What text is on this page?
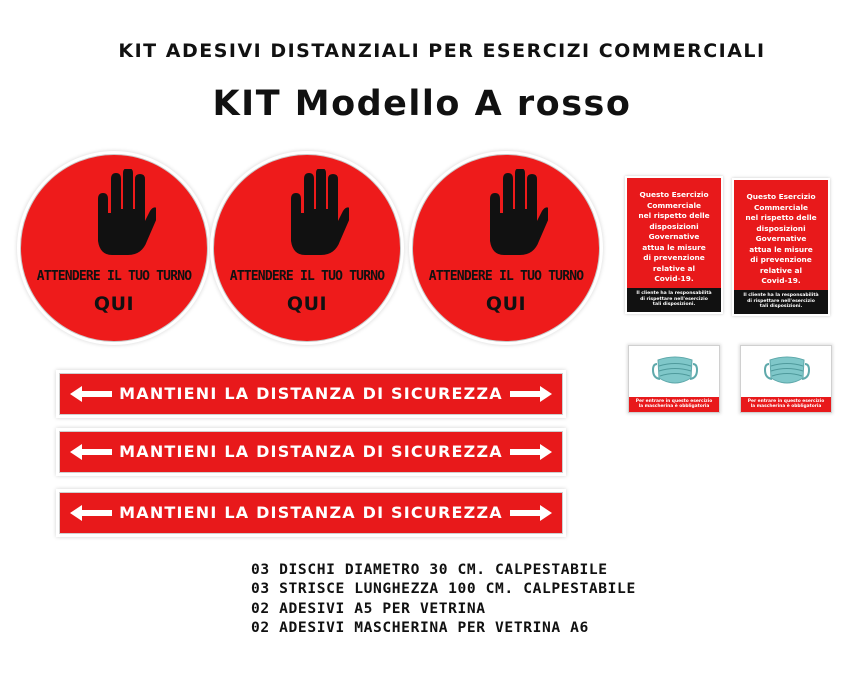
KIT ADESIVI DISTANZIALI PER ESERCIZI COMMERCIALI
KIT Modello A rosso
ATTENDERE IL TUO TURNO
QUI
ATTENDERE IL TUO TURNO
QUI
ATTENDERE IL TUO TURNO
QUI
MANTIENI LA DISTANZA DI SICUREZZA
MANTIENI LA DISTANZA DI SICUREZZA
MANTIENI LA DISTANZA DI SICUREZZA
Questo Esercizio
Commerciale
nel rispetto delle
disposizioni
Governative
attua le misure
di prevenzione
relative al
Covid-19.
Il cliente ha la responsabilità
di rispettare nell'esercizio
tali disposizioni.
Questo Esercizio
Commerciale
nel rispetto delle
disposizioni
Governative
attua le misure
di prevenzione
relative al
Covid-19.
Il cliente ha la responsabilità
di rispettare nell'esercizio
tali disposizioni.
Per entrare in questo esercizio
la mascherina è obbligatoria
Per entrare in questo esercizio
la mascherina è obbligatoria
03 DISCHI DIAMETRO 30 CM. CALPESTABILE
03 STRISCE LUNGHEZZA 100 CM. CALPESTABILE
02 ADESIVI A5 PER VETRINA
02 ADESIVI MASCHERINA PER VETRINA A6
